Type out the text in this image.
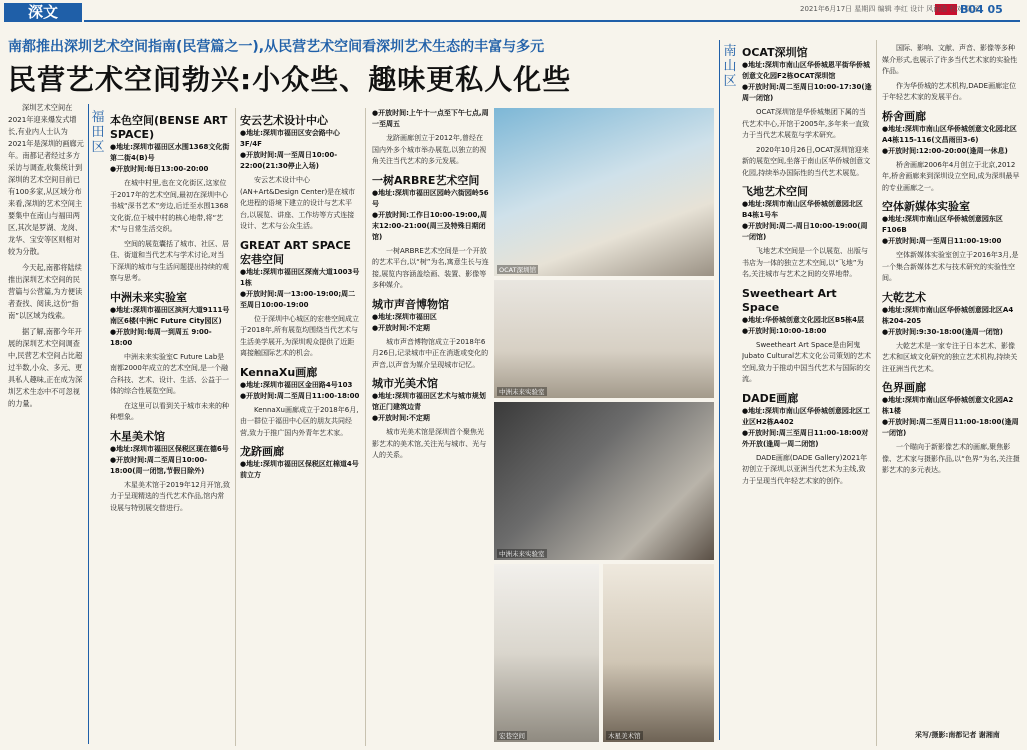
深文	2021年6月17日 星期四 编辑 李红 设计 风雨造 校对 陈子
B04 05
南都推出深圳艺术空间指南(民营篇之一),从民营艺术空间看深圳艺术生态的丰富与多元
民营艺术空间勃兴:小众些、趣味更私人化些

深圳艺术空间在2021年迎来爆发式增长,有业内人士认为2021年是深圳的画廊元年。南都记者经过多方采访与调查,收集统计到深圳的艺术空间目前已有100多家,从区域分布来看,深圳的艺术空间主要集中在南山与福田两区,其次是罗湖、龙岗、龙华、宝安等区则相对较为分散。

今天起,南都将陆续推出深圳艺术空间的民营篇与公营篇,为方便读者查找、阅读,这份“指南”以区域为线索。

据了解,南都今年开展的深圳艺术空间调查中,民营艺术空间占比超过半数,小众、多元、更具私人趣味,正在成为深圳艺术生态中不可忽视的力量。

福田区
南山区
本色空间(BENSE ART SPACE)
●地址:深圳市福田区水围1368文化街第二街4(B)号
●开放时间:每日13:00-20:00

在城中村里,也在文化街区,这家位于2017年的艺术空间,最初在深圳中心书城“深书艺术”旁边,后迁至水围1368文化街,位于城中村的核心地带,将“艺术”与日常生活交织。

空间的展览囊括了城市、社区、居住、街道和当代艺术与学术讨论,对当下深圳的城市与生活问题提出持续的观察与思考。

中洲未来实验室
●地址:深圳市福田区滨河大道9111号南区6楼(中洲C Future City园区)
●开放时间:每周一到周五 9:00-18:00

中洲未来实验室C Future Lab是南都2000年成立的艺术空间,是一个融合科技、艺术、设计、生活、公益于一体的综合性展览空间。

在这里可以看到关于城市未来的种种想象。

木星美术馆
●地址:深圳市福田区保税区现在德6号
●开放时间:周二至周日10:00-18:00(周一闭馆,节假日除外)

木星美术馆于2019年12月开馆,致力于呈现精选的当代艺术作品,馆内常设展与特别展交替进行。

安云艺术设计中心
●地址:深圳市福田区安会路中心3F/4F
●开放时间:周一至周日10:00-22:00(21:30停止入场)

安云艺术设计中心(AN+Art&Design Center)是在城市化进程的语境下建立的设计与艺术平台,以展览、讲座、工作坊等方式连接设计、艺术与公众生活。

GREAT ART SPACE宏巷空间
●地址:深圳市福田区深南大道1003号1栋
●开放时间:周一13:00-19:00;周二至周日10:00-19:00

位于深圳中心城区的宏巷空间成立于2018年,所有展览均围绕当代艺术与生活美学展开,为深圳观众提供了近距离接触国际艺术的机会。

KennaXu画廊
●地址:深圳市福田区金田路4号103
●开放时间:周二至周日11:00-18:00

KennaXu画廊成立于2018年6月,由一群位于福田中心区的朋友共同经营,致力于推广国内外青年艺术家。

龙跻画廊
●地址:深圳市福田区保税区红棉道4号前立方
●开放时间:上午十一点至下午七点,周一至周五

龙跻画廊创立于2012年,曾经在国内外多个城市举办展览,以独立的视角关注当代艺术的多元发展。

一树ARBRE艺术空间
●地址:深圳市福田区园岭六街园岭56号
●开放时间:工作日10:00-19:00,周末12:00-21:00(周三及特殊日期闭馆)

一树ARBRE艺术空间是一个开放的艺术平台,以“树”为名,寓意生长与连接,展览内容涵盖绘画、装置、影像等多种媒介。

城市声音博物馆
●地址:深圳市福田区
●开放时间:不定期

城市声音博物馆成立于2018年6月26日,记录城市中正在消逝或变化的声音,以声音为媒介呈现城市记忆。

城市光美术馆
●地址:深圳市福田区艺术与城市规划馆正门建筑边青
●开放时间:不定期

城市光美术馆是深圳首个聚焦光影艺术的美术馆,关注光与城市、光与人的关系。

OCAT深圳馆
中洲未来实验室
中洲未来实验室
宏巷空间	木星美术馆
OCAT深圳馆
●地址:深圳市南山区华侨城恩平街华侨城创意文化园F2栋OCAT深圳馆
●开放时间:周二至周日10:00-17:30(逢周一闭馆)

OCAT深圳馆是华侨城集团下属的当代艺术中心,开馆于2005年,多年来一直致力于当代艺术展览与学术研究。

2020年10月26日,OCAT深圳馆迎来新的展览空间,坐落于南山区华侨城创意文化园,持续举办国际性的当代艺术展览。

飞地艺术空间
●地址:深圳市南山区华侨城创意园北区B4栋1号车
●开放时间:周二-周日10:00-19:00(周一闭馆)

飞地艺术空间是一个以展览、出版与书店为一体的独立艺术空间,以“飞地”为名,关注城市与艺术之间的交界地带。

Sweetheart Art Space
●地址:华侨城创意文化园北区B5栋4层
●开放时间:10:00-18:00

Sweetheart Art Space是由阿鬼Jubato Cultural艺术文化公司策划的艺术空间,致力于推动中国当代艺术与国际的交流。

DADE画廊
●地址:深圳市南山区华侨城创意园北区工业区H2栋A402
●开放时间:周三至周日11:00-18:00对外开放(逢周一周二闭馆)

DADE画廊(DADE Gallery)2021年初创立于深圳,以亚洲当代艺术为主线,致力于呈现当代年轻艺术家的创作。

国际、影响、文献、声音、影像等多种媒介形式,也展示了许多当代艺术家的实验性作品。

作为华侨城的艺术机构,DADE画廊定位于年轻艺术家的发展平台。

桥舍画廊
●地址:深圳市南山区华侨城创意文化园北区A4栋115-116(文昌雨田3-6)
●开放时间:12:00-20:00(逢周一休息)

桥舍画廊2006年4月创立于北京,2012年,桥舍画廊来到深圳设立空间,成为深圳最早的专业画廊之一。

空体新媒体实验室
●地址:深圳市南山区华侨城创意园东区F106B
●开放时间:周一至周日11:00-19:00

空体新媒体实验室创立于2016年3月,是一个集合新媒体艺术与技术研究的实验性空间。

大乾艺术
●地址:深圳市南山区华侨城创意园北区A4栋204-205
●开放时间:9:30-18:00(逢周一闭馆)

大乾艺术是一家专注于日本艺术、影像艺术和区域文化研究的独立艺术机构,持续关注亚洲当代艺术。

色界画廊
●地址:深圳市南山区华侨城创意文化园A2栋1楼
●开放时间:周二至周日11:00-18:00(逢周一闭馆)

一个瞄向于新影像艺术的画廊,聚焦影像、艺术家与摄影作品,以“色界”为名,关注摄影艺术的多元表达。

采写/摄影:南都记者 谢湘南
